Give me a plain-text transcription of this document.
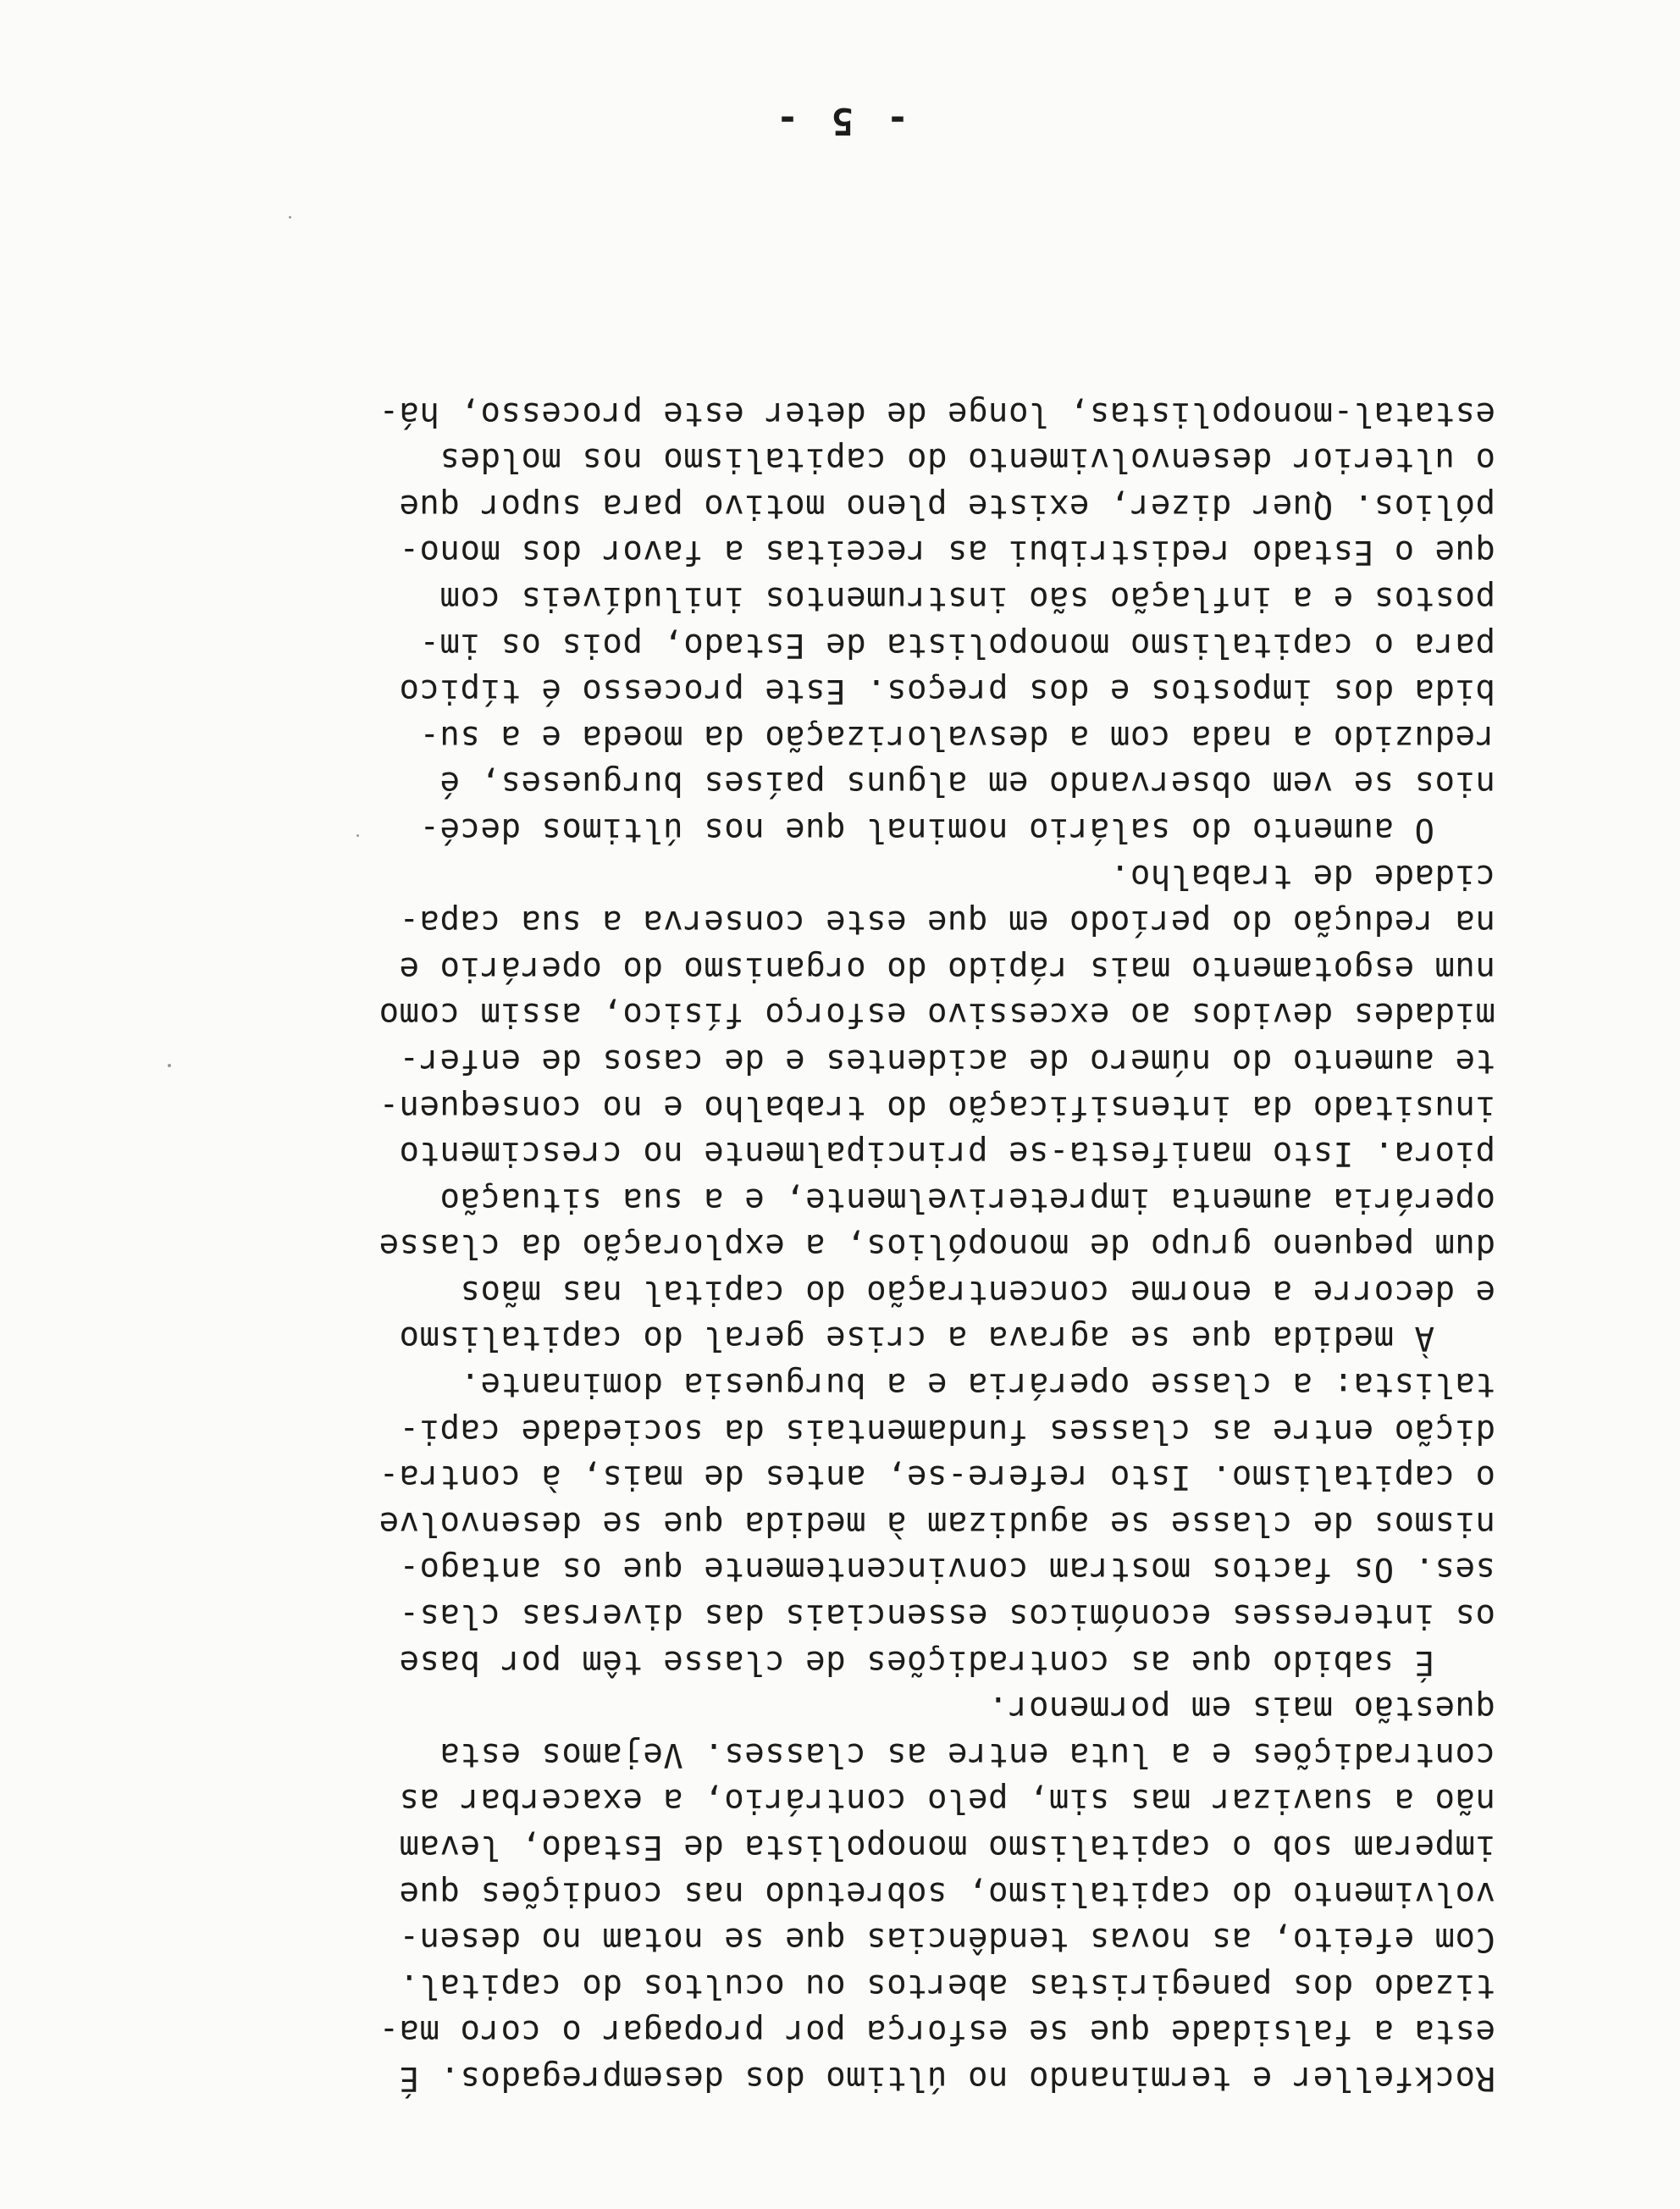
Rockfeller e terminando no último dos desempregados. É
esta a falsidade que se esforça por propagar o coro ma-
tizado dos panegiristas abertos ou ocultos do capital.
Com efeito, as novas tendências que se notam no desen-
volvimento do capitalismo, sobretudo nas condições que
imperam sob o capitalismo monopolista de Estado, levam
não a suavizar mas sim, pelo contrário, a exacerbar as
contradições e a luta entre as classes. Vejamos esta
questão mais em pormenor.
É sabido que as contradições de classe têm por base
os interesses económicos essenciais das diversas clas-
ses. Os factos mostram convincentemente que os antago-
nismos de classe se agudizam à medida que se desenvolve
o capitalismo. Isto refere-se, antes de mais, à contra-
dição entre as classes fundamentais da sociedade capi-
talista: a classe operária e a burguesia dominante.
À medida que se agrava a crise geral do capitalismo
e decorre a enorme concentração do capital nas mãos
dum pequeno grupo de monopólios, a exploração da classe
operária aumenta impreterivelmente, e a sua situação
piora. Isto manifesta-se principalmente no crescimento
inusitado da intensificação do trabalho e no consequen-
te aumento do número de acidentes e de casos de enfer-
midades devidos ao excessivo esforço físico, assim como
num esgotamento mais rápido do organismo do operário e
na redução do período em que este conserva a sua capa-
cidade de trabalho.
O aumento do salário nominal que nos últimos decé-
nios se vem observando em alguns países burgueses, é
reduzido a nada com a desvalorização da moeda e a su-
bida dos impostos e dos preços. Este processo é típico
para o capitalismo monopolista de Estado, pois os im-
postos e a inflação são instrumentos iniludíveis com
que o Estado redistribui as receitas a favor dos mono-
pólios. Quer dizer, existe pleno motivo para supor que
o ulterior desenvolvimento do capitalismo nos moldes
estatal-monopolistas, longe de deter este processo, há-
- 5 -
